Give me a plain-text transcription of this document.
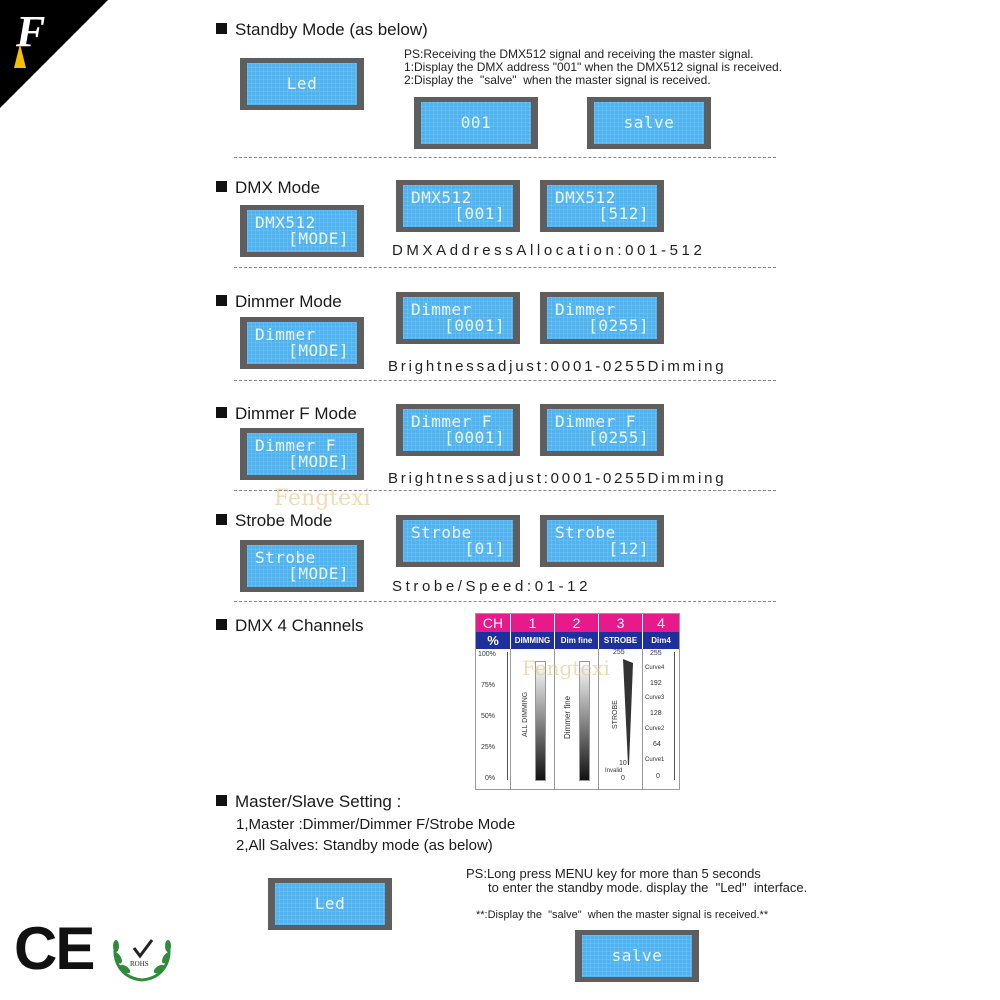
F	Standby Mode (as below)
Led
PS:Receiving the DMX512 signal and receiving the master signal.
1:Display the DMX address "001" when the DMX512 signal is received.
2:Display the  "salve"  when the master signal is received.
001	salve
DMX Mode
DMX512
[MODE]
DMX512
[001]
DMX512
[512]
DMXAddressAllocation:001-512
Dimmer Mode
Dimmer
[MODE]
Dimmer
[0001]
Dimmer
[0255]
Brightnessadjust:0001-0255Dimming
Dimmer F Mode
Dimmer F
[MODE]
Dimmer F
[0001]
Dimmer F
[0255]
Brightnessadjust:0001-0255Dimming
Fengtexi
Strobe Mode
Strobe
[MODE]
Strobe
[01]
Strobe
[12]
Strobe/Speed:01-12
DMX 4 Channels	CH	1	2	3	4
%	DIMMING	Dim fine	STROBE	Dim4
100%
75%
50%
25%
0%
ALL DIMMING	Dimmer fine
255
STROBE
10
Invalid
0
255
Curve4
192
Curve3
128
Curve2
64
Curve1
0
Fengtexi
Master/Slave Setting :
1,Master :Dimmer/Dimmer F/Strobe Mode
2,All Salves: Standby mode (as below)
Led
PS:Long press MENU key for more than 5 seconds
to enter the standby mode. display the  "Led"  interface.
**:Display the  "salve"  when the master signal is received.**
salve
CE	ROHS
